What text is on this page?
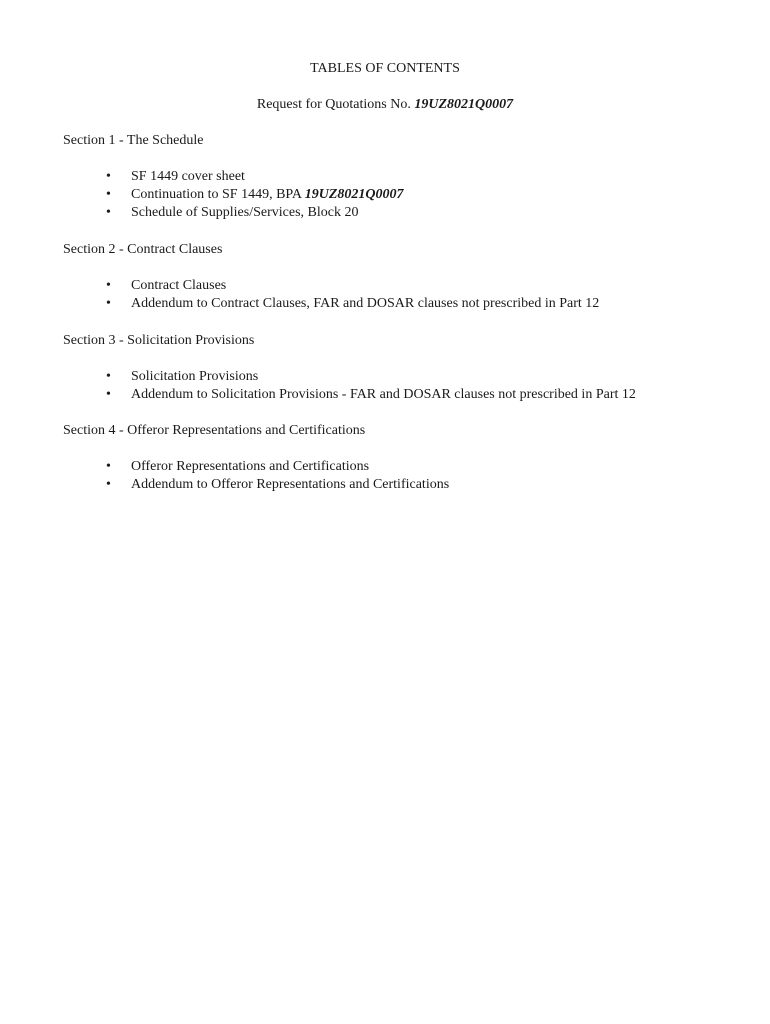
TABLES OF CONTENTS
Request for Quotations No. 19UZ8021Q0007
Section 1 - The Schedule
• SF 1449 cover sheet
• Continuation to SF 1449, BPA 19UZ8021Q0007
• Schedule of Supplies/Services, Block 20
Section 2 - Contract Clauses
• Contract Clauses
• Addendum to Contract Clauses, FAR and DOSAR clauses not prescribed in Part 12
Section 3 - Solicitation Provisions
• Solicitation Provisions
• Addendum to Solicitation Provisions - FAR and DOSAR clauses not prescribed in Part 12
Section 4 - Offeror Representations and Certifications
• Offeror Representations and Certifications
• Addendum to Offeror Representations and Certifications
